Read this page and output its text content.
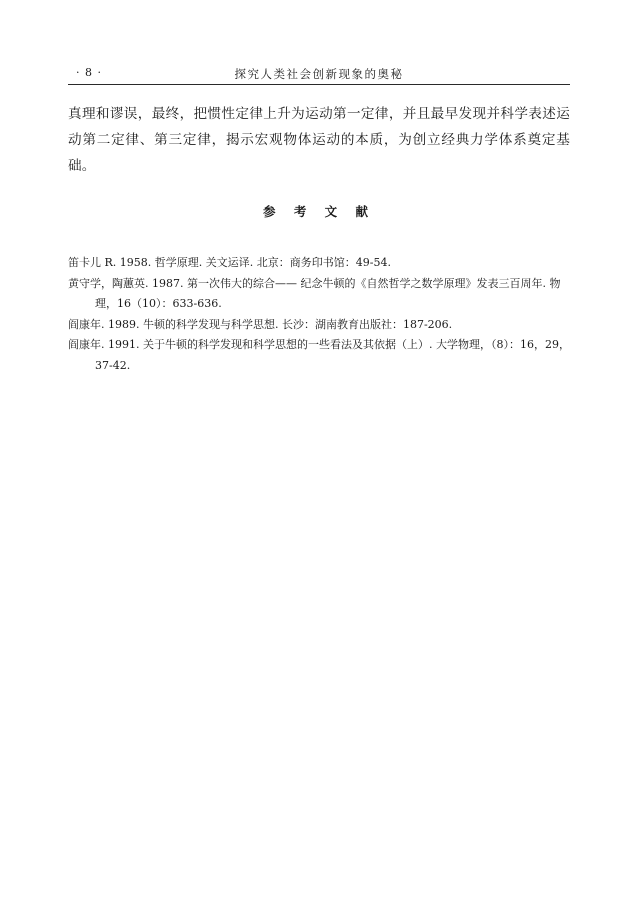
· 8 ·	探究人类社会创新现象的奥秘

真理和谬误，最终，把惯性定律上升为运动第一定律，并且最早发现并科学表述运动第二定律、第三定律，揭示宏观物体运动的本质，为创立经典力学体系奠定基础。

参 考 文 献
笛卡儿 R. 1958. 哲学原理. 关文运译. 北京：商务印书馆：49-54.
黄守学，陶蕙英. 1987. 第一次伟大的综合—— 纪念牛顿的《自然哲学之数学原理》发表三百周年. 物理，16（10）：633-636.
阎康年. 1989. 牛顿的科学发现与科学思想. 长沙：湖南教育出版社：187-206.
阎康年. 1991. 关于牛顿的科学发现和科学思想的一些看法及其依据（上）. 大学物理，（8）：16，29，37-42.
